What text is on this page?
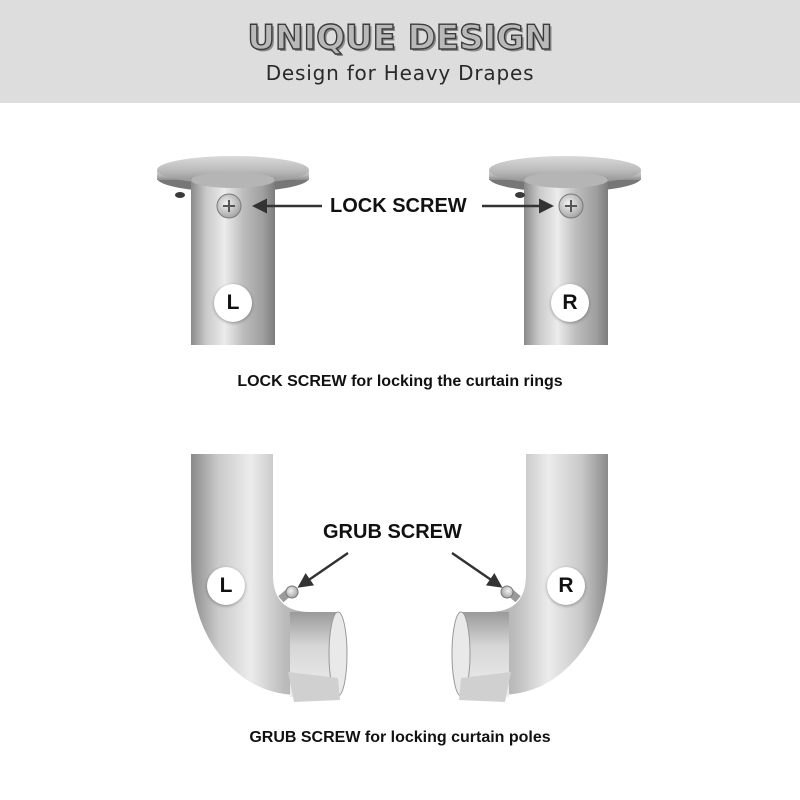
UNIQUE DESIGN
Design for Heavy Drapes
LOCK SCREW
L	R
LOCK SCREW for locking the curtain rings
GRUB SCREW
L	R
GRUB SCREW for locking curtain poles
